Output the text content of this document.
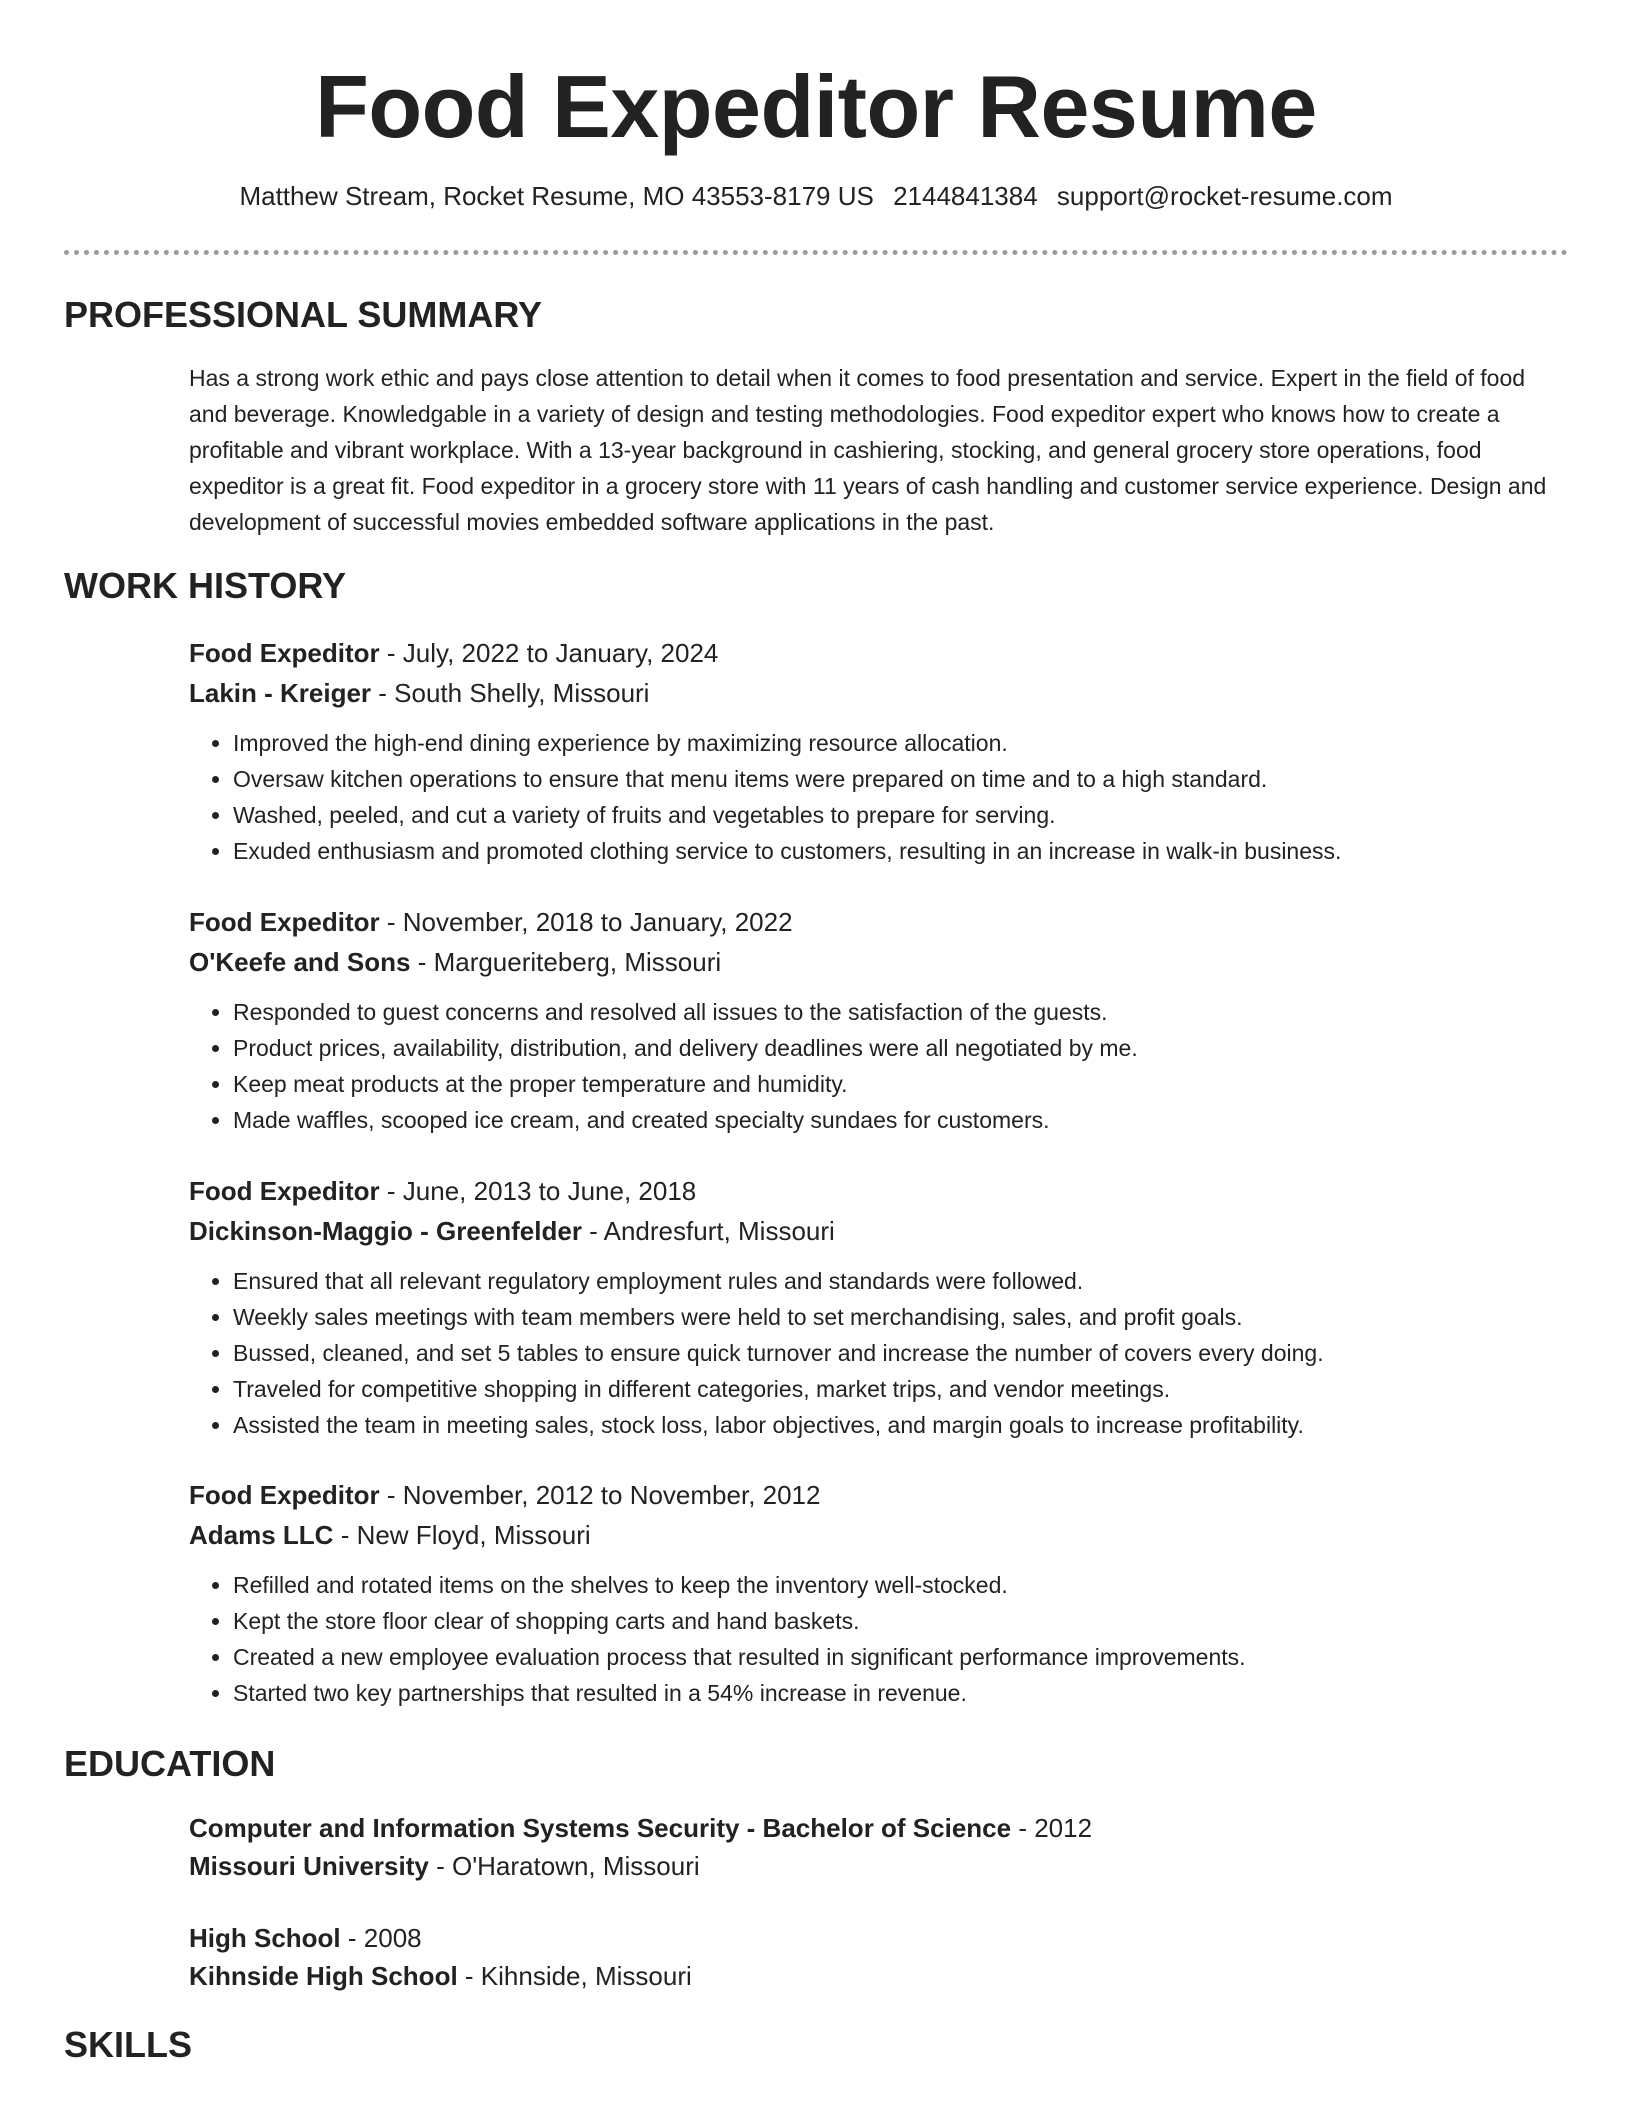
Food Expeditor Resume
Matthew Stream, Rocket Resume, MO 43553-8179 US 2144841384 support@rocket-resume.com
PROFESSIONAL SUMMARY

Has a strong work ethic and pays close attention to detail when it comes to food presentation and service. Expert in the field of food and beverage. Knowledgable in a variety of design and testing methodologies. Food expeditor expert who knows how to create a profitable and vibrant workplace. With a 13-year background in cashiering, stocking, and general grocery store operations, food expeditor is a great fit. Food expeditor in a grocery store with 11 years of cash handling and customer service experience. Design and development of successful movies embedded software applications in the past.

WORK HISTORY
Food Expeditor - July, 2022 to January, 2024
Lakin - Kreiger - South Shelly, Missouri
• Improved the high-end dining experience by maximizing resource allocation.
• Oversaw kitchen operations to ensure that menu items were prepared on time and to a high standard.
• Washed, peeled, and cut a variety of fruits and vegetables to prepare for serving.
• Exuded enthusiasm and promoted clothing service to customers, resulting in an increase in walk-in business.
Food Expeditor - November, 2018 to January, 2022
O'Keefe and Sons - Margueriteberg, Missouri
• Responded to guest concerns and resolved all issues to the satisfaction of the guests.
• Product prices, availability, distribution, and delivery deadlines were all negotiated by me.
• Keep meat products at the proper temperature and humidity.
• Made waffles, scooped ice cream, and created specialty sundaes for customers.
Food Expeditor - June, 2013 to June, 2018
Dickinson-Maggio - Greenfelder - Andresfurt, Missouri
• Ensured that all relevant regulatory employment rules and standards were followed.
• Weekly sales meetings with team members were held to set merchandising, sales, and profit goals.
• Bussed, cleaned, and set 5 tables to ensure quick turnover and increase the number of covers every doing.
• Traveled for competitive shopping in different categories, market trips, and vendor meetings.
• Assisted the team in meeting sales, stock loss, labor objectives, and margin goals to increase profitability.
Food Expeditor - November, 2012 to November, 2012
Adams LLC - New Floyd, Missouri
• Refilled and rotated items on the shelves to keep the inventory well-stocked.
• Kept the store floor clear of shopping carts and hand baskets.
• Created a new employee evaluation process that resulted in significant performance improvements.
• Started two key partnerships that resulted in a 54% increase in revenue.
EDUCATION
Computer and Information Systems Security - Bachelor of Science - 2012
Missouri University - O'Haratown, Missouri
High School - 2008
Kihnside High School - Kihnside, Missouri
SKILLS
